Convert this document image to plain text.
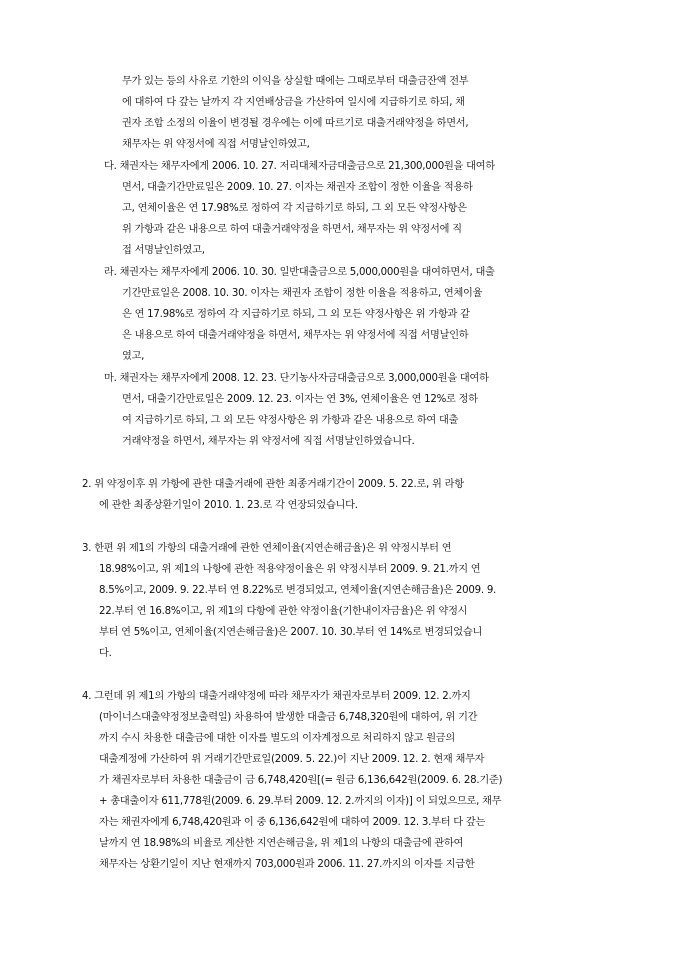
무가 있는 등의 사유로 기한의 이익을 상실할 때에는 그때로부터 대출금잔액 전부
에 대하여 다 갚는 날까지 각 지연배상금을 가산하여 일시에 지급하기로 하되, 채
권자 조합 소정의 이율이 변경될 경우에는 이에 따르기로 대출거래약정을 하면서,
채무자는 위 약정서에 직접 서명날인하였고,
다. 채권자는 채무자에게 2006. 10. 27. 저리대체자금대출금으로 21,300,000원을 대여하
면서, 대출기간만료일은 2009. 10. 27. 이자는 채권자 조합이 정한 이율을 적용하
고, 연체이율은 연 17.98%로 정하여 각 지급하기로 하되, 그 외 모든 약정사항은
위 가항과 같은 내용으로 하여 대출거래약정을 하면서, 채무자는 위 약정서에 직
접 서명날인하였고,
라. 채권자는 채무자에게 2006. 10. 30. 일반대출금으로 5,000,000원을 대여하면서, 대출
기간만료일은 2008. 10. 30. 이자는 채권자 조합이 정한 이율을 적용하고, 연체이율
은 연 17.98%로 정하여 각 지급하기로 하되, 그 외 모든 약정사항은 위 가항과 같
은 내용으로 하여 대출거래약정을 하면서, 채무자는 위 약정서에 직접 서명날인하
였고,
마. 채권자는 채무자에게 2008. 12. 23. 단기농사자금대출금으로 3,000,000원을 대여하
면서, 대출기간만료일은 2009. 12. 23. 이자는 연 3%, 연체이율은 연 12%로 정하
여 지급하기로 하되, 그 외 모든 약정사항은 위 가항과 같은 내용으로 하여 대출
거래약정을 하면서, 채무자는 위 약정서에 직접 서명날인하였습니다.
2. 위 약정이후 위 가항에 관한 대출거래에 관한 최종거래기간이 2009. 5. 22.로, 위 라항
에 관한 최종상환기일이 2010. 1. 23.로 각 연장되었습니다.
3. 한편 위 제1의 가항의 대출거래에 관한 연체이율(지연손해금율)은 위 약정시부터 연
18.98%이고, 위 제1의 나항에 관한 적용약정이율은 위 약정시부터 2009. 9. 21.까지 연
8.5%이고, 2009. 9. 22.부터 연 8.22%로 변경되었고, 연체이율(지연손해금율)은 2009. 9.
22.부터 연 16.8%이고, 위 제1의 다항에 관한 약정이율(기한내이자금율)은 위 약정시
부터 연 5%이고, 연체이율(지연손해금율)은 2007. 10. 30.부터 연 14%로 변경되었습니
다.
4. 그런데 위 제1의 가항의 대출거래약정에 따라 채무자가 채권자로부터 2009. 12. 2.까지
(마이너스대출약정정보출력일) 차용하여 발생한 대출금 6,748,320원에 대하여, 위 기간
까지 수시 차용한 대출금에 대한 이자를 별도의 이자계정으로 처리하지 않고 원금의
대출계정에 가산하여 위 거래기간만료일(2009. 5. 22.)이 지난 2009. 12. 2. 현재 채무자
가 채권자로부터 차용한 대출금이 금 6,748,420원[(= 원금 6,136,642원(2009. 6. 28.기준)
+ 총대출이자 611,778원(2009. 6. 29.부터 2009. 12. 2.까지의 이자)] 이 되었으므로, 채무
자는 채권자에게 6,748,420원과 이 중 6,136,642원에 대하여 2009. 12. 3.부터 다 갚는
날까지 연 18.98%의 비율로 계산한 지연손해금을, 위 제1의 나항의 대출금에 관하여
채무자는 상환기일이 지난 현재까지 703,000원과 2006. 11. 27.까지의 이자를 지급한
